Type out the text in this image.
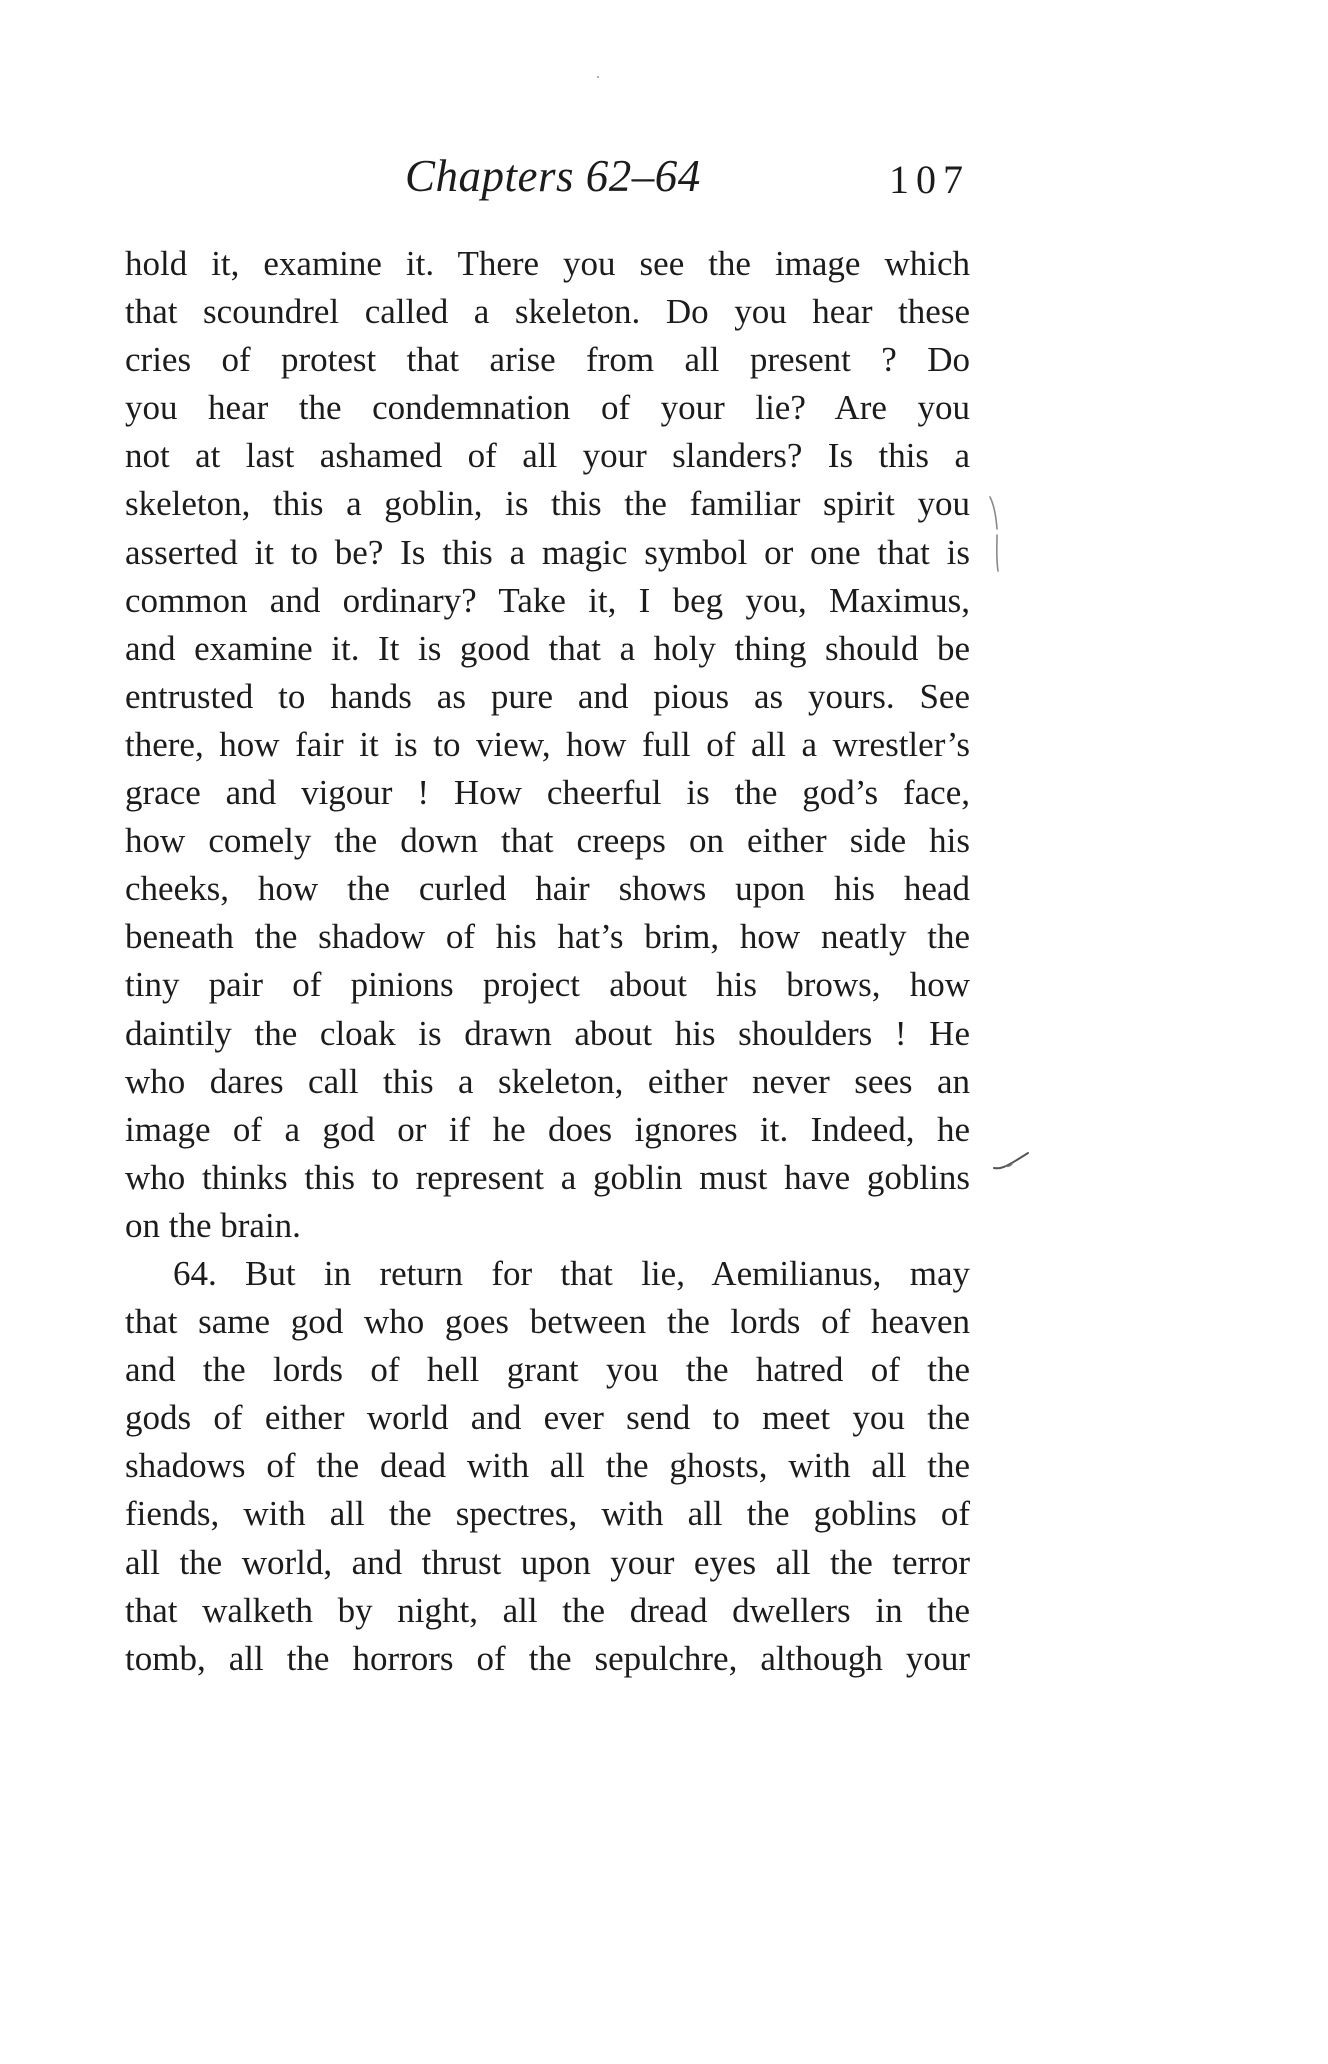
Chapters 62–64	107
hold it, examine it. There you see the image which
that scoundrel called a skeleton. Do you hear these
cries of protest that arise from all present ? Do
you hear the condemnation of your lie? Are you
not at last ashamed of all your slanders? Is this a
skeleton, this a goblin, is this the familiar spirit you
asserted it to be? Is this a magic symbol or one that is
common and ordinary? Take it, I beg you, Maximus,
and examine it. It is good that a holy thing should be
entrusted to hands as pure and pious as yours. See
there, how fair it is to view, how full of all a wrestler’s
grace and vigour ! How cheerful is the god’s face,
how comely the down that creeps on either side his
cheeks, how the curled hair shows upon his head
beneath the shadow of his hat’s brim, how neatly the
tiny pair of pinions project about his brows, how
daintily the cloak is drawn about his shoulders ! He
who dares call this a skeleton, either never sees an
image of a god or if he does ignores it. Indeed, he
who thinks this to represent a goblin must have goblins
on the brain.
64. But in return for that lie, Aemilianus, may
that same god who goes between the lords of heaven
and the lords of hell grant you the hatred of the
gods of either world and ever send to meet you the
shadows of the dead with all the ghosts, with all the
fiends, with all the spectres, with all the goblins of
all the world, and thrust upon your eyes all the terror
that walketh by night, all the dread dwellers in the
tomb, all the horrors of the sepulchre, although your
